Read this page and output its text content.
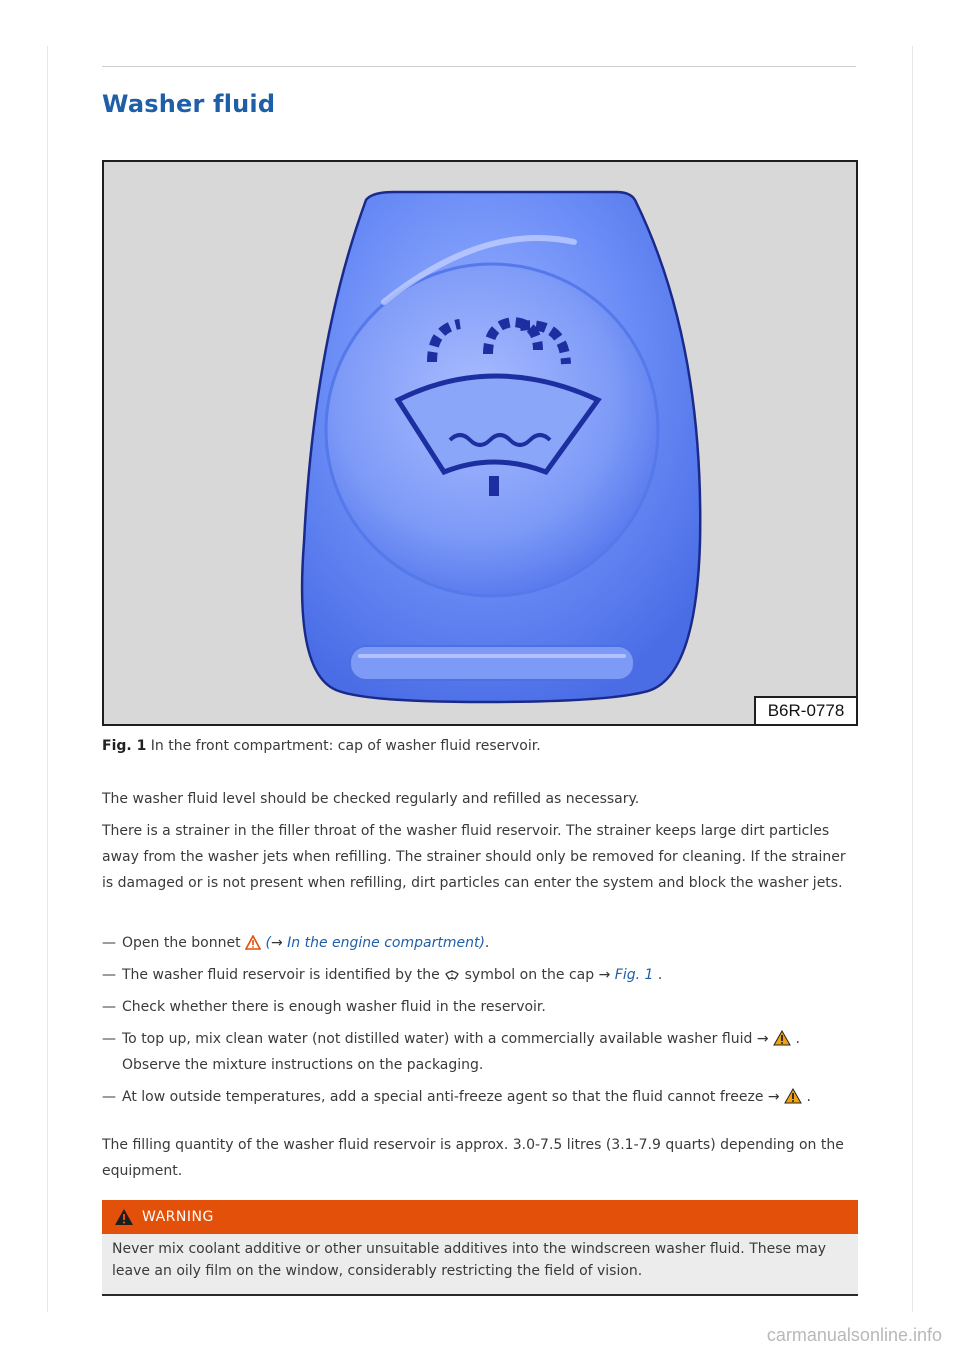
Washer fluid
B6R-0778
Fig. 1 In the front compartment: cap of washer fluid reservoir.

The washer fluid level should be checked regularly and refilled as necessary.

There is a strainer in the filler throat of the washer fluid reservoir. The strainer keeps large dirt particles away from the washer jets when refilling. The strainer should only be removed for cleaning. If the strainer is damaged or is not present when refilling, dirt particles can enter the system and block the washer jets.

— Open the bonnet (→ In the engine compartment).
— The washer fluid reservoir is identified by the symbol on the cap → Fig. 1 .
— Check whether there is enough washer fluid in the reservoir.
— To top up, mix clean water (not distilled water) with a commercially available washer fluid → .
Observe the mixture instructions on the packaging.
— At low outside temperatures, add a special anti-freeze agent so that the fluid cannot freeze → .

The filling quantity of the washer fluid reservoir is approx. 3.0-7.5 litres (3.1-7.9 quarts) depending on the equipment.

WARNING
Never mix coolant additive or other unsuitable additives into the windscreen washer fluid. These may leave an oily film on the window, considerably restricting the field of vision.
carmanualsonline.info
